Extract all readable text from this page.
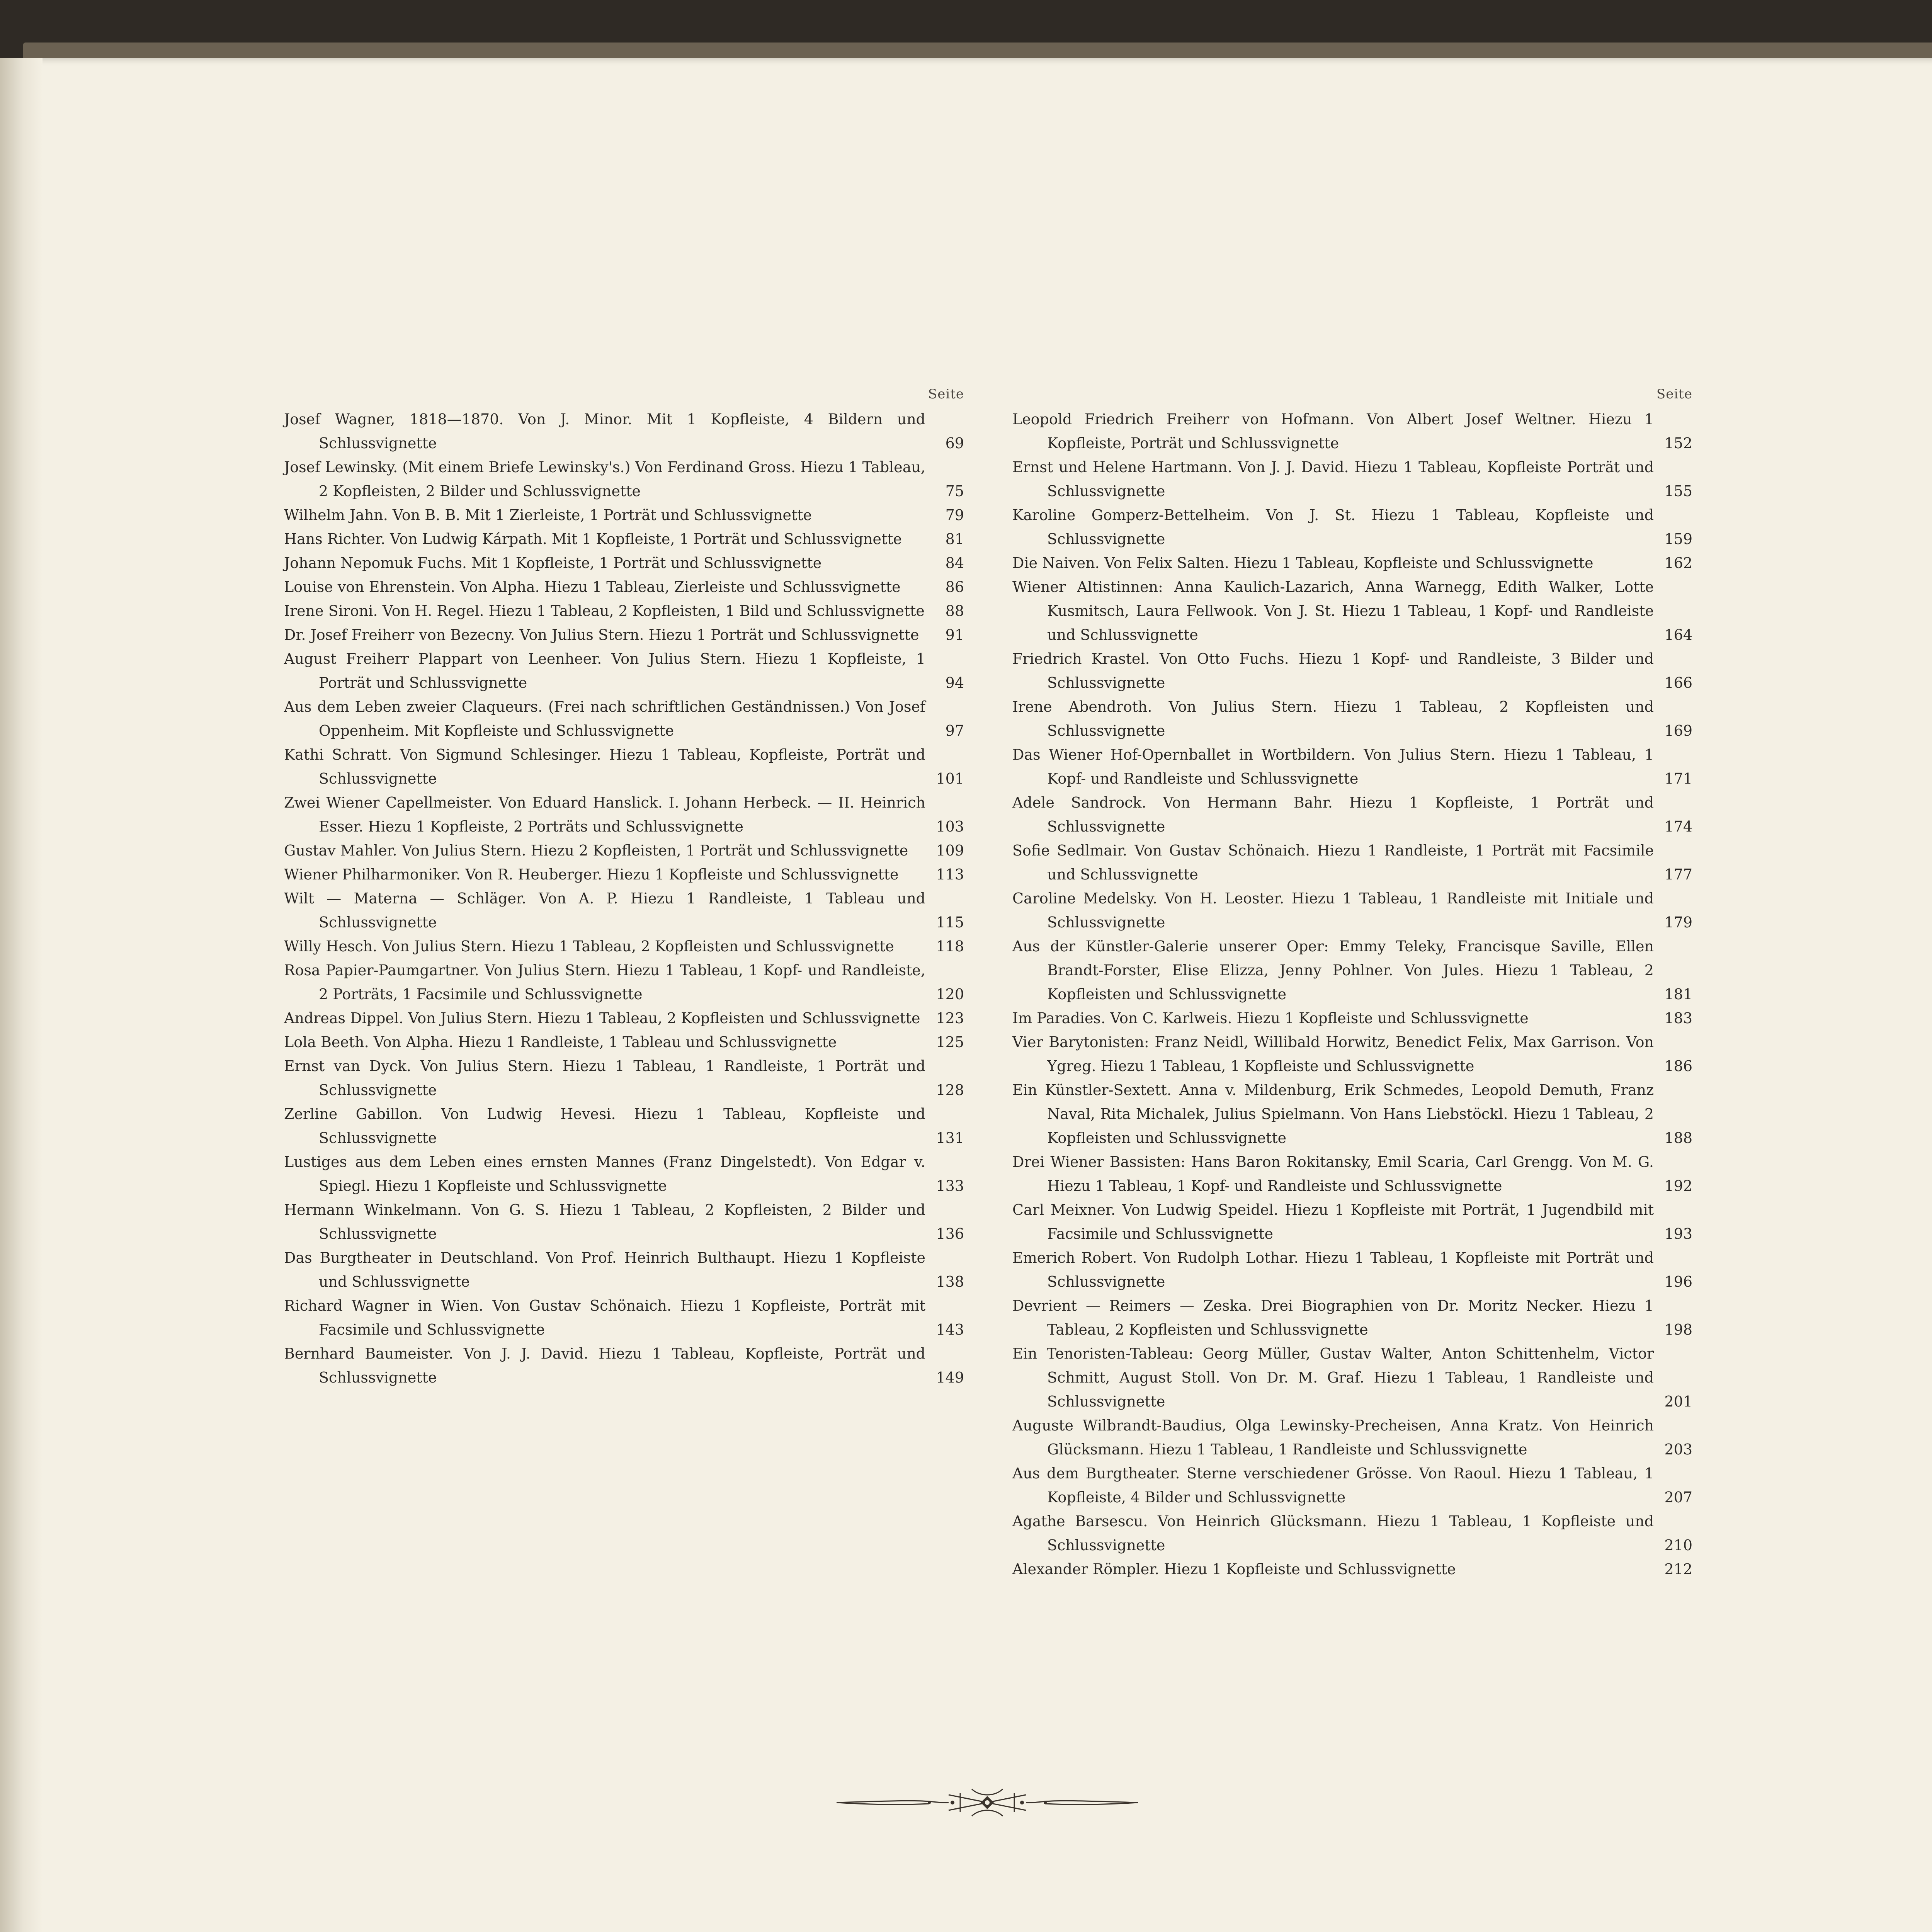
Seite
Josef Wagner, 1818—1870. Von J. Minor. Mit 1 Kopfleiste, 4 Bildern und Schlussvignette	69
Josef Lewinsky. (Mit einem Briefe Lewinsky's.) Von Ferdinand Gross. Hiezu 1 Tableau, 2 Kopfleisten, 2 Bilder und Schlussvignette	75
Wilhelm Jahn. Von B. B. Mit 1 Zierleiste, 1 Porträt und Schlussvignette	79
Hans Richter. Von Ludwig Kárpath. Mit 1 Kopfleiste, 1 Porträt und Schlussvignette	81
Johann Nepomuk Fuchs. Mit 1 Kopfleiste, 1 Porträt und Schlussvignette	84
Louise von Ehrenstein. Von Alpha. Hiezu 1 Tableau, Zierleiste und Schlussvignette	86
Irene Sironi. Von H. Regel. Hiezu 1 Tableau, 2 Kopfleisten, 1 Bild und Schlussvignette	88
Dr. Josef Freiherr von Bezecny. Von Julius Stern. Hiezu 1 Porträt und Schlussvignette	91
August Freiherr Plappart von Leenheer. Von Julius Stern. Hiezu 1 Kopfleiste, 1 Porträt und Schlussvignette	94
Aus dem Leben zweier Claqueurs. (Frei nach schriftlichen Geständnissen.) Von Josef Oppenheim. Mit Kopfleiste und Schlussvignette	97
Kathi Schratt. Von Sigmund Schlesinger. Hiezu 1 Tableau, Kopfleiste, Porträt und Schlussvignette	101
Zwei Wiener Capellmeister. Von Eduard Hanslick. I. Johann Herbeck. — II. Heinrich Esser. Hiezu 1 Kopfleiste, 2 Porträts und Schlussvignette	103
Gustav Mahler. Von Julius Stern. Hiezu 2 Kopfleisten, 1 Porträt und Schlussvignette	109
Wiener Philharmoniker. Von R. Heuberger. Hiezu 1 Kopfleiste und Schlussvignette	113
Wilt — Materna — Schläger. Von A. P. Hiezu 1 Randleiste, 1 Tableau und Schlussvignette	115
Willy Hesch. Von Julius Stern. Hiezu 1 Tableau, 2 Kopfleisten und Schlussvignette	118
Rosa Papier-Paumgartner. Von Julius Stern. Hiezu 1 Tableau, 1 Kopf- und Randleiste, 2 Porträts, 1 Facsimile und Schlussvignette	120
Andreas Dippel. Von Julius Stern. Hiezu 1 Tableau, 2 Kopfleisten und Schlussvignette	123
Lola Beeth. Von Alpha. Hiezu 1 Randleiste, 1 Tableau und Schlussvignette	125
Ernst van Dyck. Von Julius Stern. Hiezu 1 Tableau, 1 Randleiste, 1 Porträt und Schlussvignette	128
Zerline Gabillon. Von Ludwig Hevesi. Hiezu 1 Tableau, Kopfleiste und Schlussvignette	131
Lustiges aus dem Leben eines ernsten Mannes (Franz Dingelstedt). Von Edgar v. Spiegl. Hiezu 1 Kopfleiste und Schlussvignette	133
Hermann Winkelmann. Von G. S. Hiezu 1 Tableau, 2 Kopfleisten, 2 Bilder und Schlussvignette	136
Das Burgtheater in Deutschland. Von Prof. Heinrich Bulthaupt. Hiezu 1 Kopfleiste und Schlussvignette	138
Richard Wagner in Wien. Von Gustav Schönaich. Hiezu 1 Kopfleiste, Porträt mit Facsimile und Schlussvignette	143
Bernhard Baumeister. Von J. J. David. Hiezu 1 Tableau, Kopfleiste, Porträt und Schlussvignette	149
Seite
Leopold Friedrich Freiherr von Hofmann. Von Albert Josef Weltner. Hiezu 1 Kopfleiste, Porträt und Schlussvignette	152
Ernst und Helene Hartmann. Von J. J. David. Hiezu 1 Tableau, Kopfleiste Porträt und Schlussvignette	155
Karoline Gomperz-Bettelheim. Von J. St. Hiezu 1 Tableau, Kopfleiste und Schlussvignette	159
Die Naiven. Von Felix Salten. Hiezu 1 Tableau, Kopfleiste und Schlussvignette	162
Wiener Altistinnen: Anna Kaulich-Lazarich, Anna Warnegg, Edith Walker, Lotte Kusmitsch, Laura Fellwook. Von J. St. Hiezu 1 Tableau, 1 Kopf- und Randleiste und Schlussvignette	164
Friedrich Krastel. Von Otto Fuchs. Hiezu 1 Kopf- und Randleiste, 3 Bilder und Schlussvignette	166
Irene Abendroth. Von Julius Stern. Hiezu 1 Tableau, 2 Kopfleisten und Schlussvignette	169
Das Wiener Hof-Opernballet in Wortbildern. Von Julius Stern. Hiezu 1 Tableau, 1 Kopf- und Randleiste und Schlussvignette	171
Adele Sandrock. Von Hermann Bahr. Hiezu 1 Kopfleiste, 1 Porträt und Schlussvignette	174
Sofie Sedlmair. Von Gustav Schönaich. Hiezu 1 Randleiste, 1 Porträt mit Facsimile und Schlussvignette	177
Caroline Medelsky. Von H. Leoster. Hiezu 1 Tableau, 1 Randleiste mit Initiale und Schlussvignette	179
Aus der Künstler-Galerie unserer Oper: Emmy Teleky, Francisque Saville, Ellen Brandt-Forster, Elise Elizza, Jenny Pohlner. Von Jules. Hiezu 1 Tableau, 2 Kopfleisten und Schlussvignette	181
Im Paradies. Von C. Karlweis. Hiezu 1 Kopfleiste und Schlussvignette	183
Vier Barytonisten: Franz Neidl, Willibald Horwitz, Benedict Felix, Max Garrison. Von Ygreg. Hiezu 1 Tableau, 1 Kopfleiste und Schlussvignette	186
Ein Künstler-Sextett. Anna v. Mildenburg, Erik Schmedes, Leopold Demuth, Franz Naval, Rita Michalek, Julius Spielmann. Von Hans Liebstöckl. Hiezu 1 Tableau, 2 Kopfleisten und Schlussvignette	188
Drei Wiener Bassisten: Hans Baron Rokitansky, Emil Scaria, Carl Grengg. Von M. G. Hiezu 1 Tableau, 1 Kopf- und Randleiste und Schlussvignette	192
Carl Meixner. Von Ludwig Speidel. Hiezu 1 Kopfleiste mit Porträt, 1 Jugendbild mit Facsimile und Schlussvignette	193
Emerich Robert. Von Rudolph Lothar. Hiezu 1 Tableau, 1 Kopfleiste mit Porträt und Schlussvignette	196
Devrient — Reimers — Zeska. Drei Biographien von Dr. Moritz Necker. Hiezu 1 Tableau, 2 Kopfleisten und Schlussvignette	198
Ein Tenoristen-Tableau: Georg Müller, Gustav Walter, Anton Schittenhelm, Victor Schmitt, August Stoll. Von Dr. M. Graf. Hiezu 1 Tableau, 1 Randleiste und Schlussvignette	201
Auguste Wilbrandt-Baudius, Olga Lewinsky-Precheisen, Anna Kratz. Von Heinrich Glücksmann. Hiezu 1 Tableau, 1 Randleiste und Schlussvignette	203
Aus dem Burgtheater. Sterne verschiedener Grösse. Von Raoul. Hiezu 1 Tableau, 1 Kopfleiste, 4 Bilder und Schlussvignette	207
Agathe Barsescu. Von Heinrich Glücksmann. Hiezu 1 Tableau, 1 Kopfleiste und Schlussvignette	210
Alexander Römpler. Hiezu 1 Kopfleiste und Schlussvignette	212
